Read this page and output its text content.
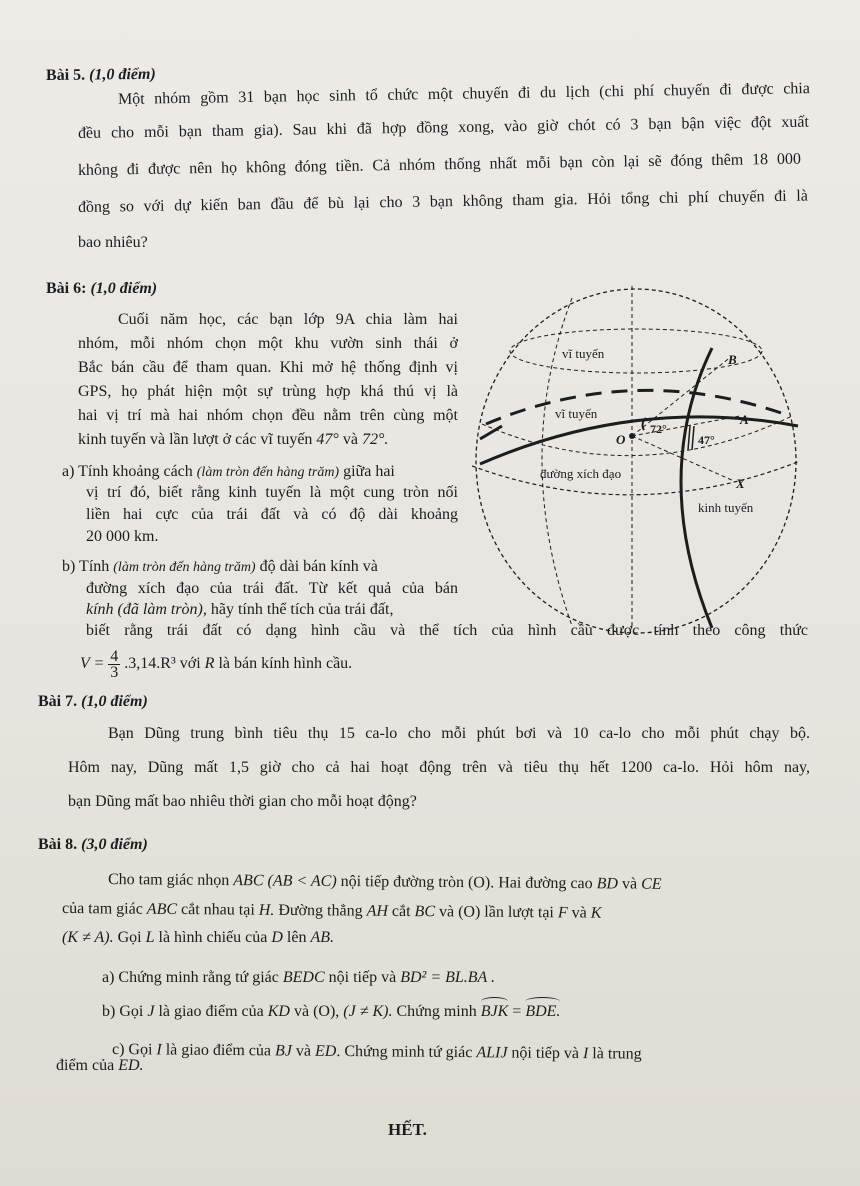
Bài 5. (1,0 điểm)
Một nhóm gồm 31 bạn học sinh tổ chức một chuyến đi du lịch (chi phí chuyến đi được chia
đều cho mỗi bạn tham gia). Sau khi đã hợp đồng xong, vào giờ chót có 3 bạn bận việc đột xuất
không đi được nên họ không đóng tiền. Cả nhóm thống nhất mỗi bạn còn lại sẽ đóng thêm 18 000
đồng so với dự kiến ban đầu để bù lại cho 3 bạn không tham gia. Hỏi tổng chi phí chuyến đi là
bao nhiêu?
Bài 6: (1,0 điểm)
Cuối năm học, các bạn lớp 9A chia làm hai
nhóm, mỗi nhóm chọn một khu vườn sinh thái ở
Bắc bán cầu để tham quan. Khi mở hệ thống định vị
GPS, họ phát hiện một sự trùng hợp khá thú vị là
hai vị trí mà hai nhóm chọn đều nằm trên cùng một
kinh tuyến và lần lượt ở các vĩ tuyến 47° và 72°.
a) Tính khoảng cách (làm tròn đến hàng trăm) giữa hai
vị trí đó, biết rằng kinh tuyến là một cung tròn nối
liền hai cực của trái đất và có độ dài khoảng
20 000 km.
b) Tính (làm tròn đến hàng trăm) độ dài bán kính và
đường xích đạo của trái đất. Từ kết quả của bán
kính (đã làm tròn), hãy tính thể tích của trái đất,
biết rằng trái đất có dạng hình cầu và thể tích của hình cầu được tính theo công thức
$V = \frac{4}{3} .3,14.R^3$ với R là bán kính hình cầu.
vĩ tuyến
vĩ tuyến
đường xích đạo
kinh tuyến
B
A
X
O
72°
47°
Bài 7. (1,0 điểm)
Bạn Dũng trung bình tiêu thụ 15 ca-lo cho mỗi phút bơi và 10 ca-lo cho mỗi phút chạy bộ.
Hôm nay, Dũng mất 1,5 giờ cho cả hai hoạt động trên và tiêu thụ hết 1200 ca-lo. Hỏi hôm nay,
bạn Dũng mất bao nhiêu thời gian cho mỗi hoạt động?
Bài 8. (3,0 điểm)
Cho tam giác nhọn ABC (AB < AC) nội tiếp đường tròn (O). Hai đường cao BD và CE
của tam giác ABC cắt nhau tại H. Đường thẳng AH cắt BC và (O) lần lượt tại F và K
(K ≠ A). Gọi L là hình chiếu của D lên AB.
a) Chứng minh rằng tứ giác BEDC nội tiếp và BD² = BL.BA .
b) Gọi J là giao điểm của KD và (O), (J ≠ K). Chứng minh BJK = BDE.
c) Gọi I là giao điểm của BJ và ED. Chứng minh tứ giác ALIJ nội tiếp và I là trung
điểm của ED.
HẾT.
